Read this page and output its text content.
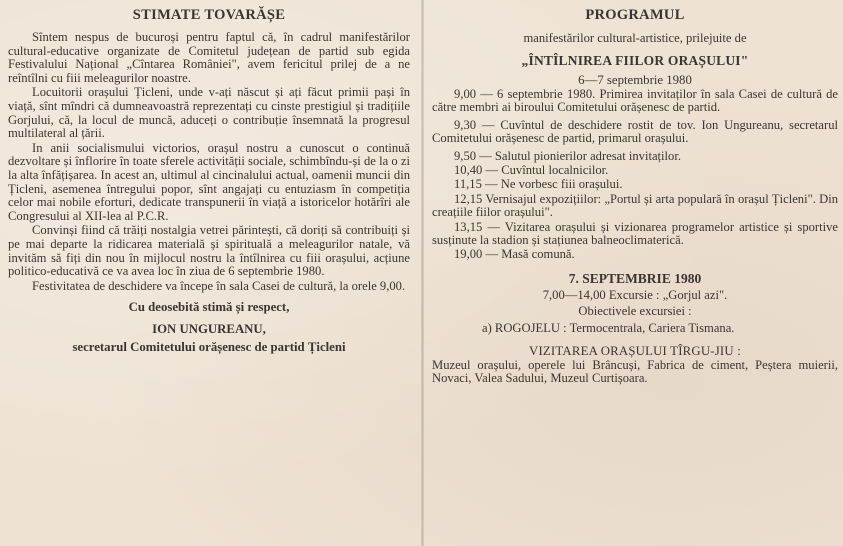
STIMATE TOVARĂȘE

Sîntem nespus de bucuroși pentru faptul că, în cadrul manifestărilor cultural-educative organizate de Comitetul județean de partid sub egida Festivalului Național „Cîntarea României", avem fericitul prilej de a ne reîntîlni cu fiii meleagurilor noastre.

Locuitorii orașului Țicleni, unde v-ați născut și ați făcut primii pași în viață, sînt mîndri că dumneavoastră reprezentați cu cinste prestigiul și tradițiile Gorjului, că, la locul de muncă, aduceți o contribuție însemnată la progresul multilateral al țării.

In anii socialismului victorios, orașul nostru a cunoscut o continuă dezvoltare și înflorire în toate sferele activității sociale, schimbîndu-și de la o zi la alta înfățișarea. In acest an, ultimul al cincinalului actual, oamenii muncii din Țicleni, asemenea întregului popor, sînt angajați cu entuziasm în competiția celor mai nobile eforturi, dedicate transpunerii în viață a istoricelor hotărîri ale Congresului al XII-lea al P.C.R.

Convinși fiind că trăiți nostalgia vetrei părintești, că doriți să contribuiți și pe mai departe la ridicarea materială și spirituală a meleagurilor natale, vă invităm să fiți din nou în mijlocul nostru la întîlnirea cu fiii orașului, acțiune politico-educativă ce va avea loc în ziua de 6 septembrie 1980.

Festivitatea de deschidere va începe în sala Casei de cultură, la orele 9,00.

Cu deosebită stimă și respect,
ION UNGUREANU,
secretarul Comitetului orășenesc de partid Țicleni
PROGRAMUL
manifestărilor cultural-artistice, prilejuite de
„ÎNTÎLNIREA FIILOR ORAȘULUI"
6—7 septembrie 1980

9,00 — 6 septembrie 1980. Primirea invitaților în sala Casei de cultură de către membri ai biroului Comitetului orășenesc de partid.

9,30 — Cuvîntul de deschidere rostit de tov. Ion Ungureanu, secretarul Comitetului orășenesc de partid, primarul orașului.

9,50 — Salutul pionierilor adresat invitaților.

10,40 — Cuvîntul localnicilor.

11,15 — Ne vorbesc fiii orașului.

12,15 Vernisajul expozițiilor: „Portul și arta populară în orașul Țicleni". Din creațiile fiilor orașului".

13,15 — Vizitarea orașului și vizionarea programelor artistice și sportive susținute la stadion și stațiunea balneoclimaterică.

19,00 — Masă comună.

7. SEPTEMBRIE 1980
7,00—14,00 Excursie : „Gorjul azi".
Obiectivele excursiei :

a) ROGOJELU : Termocentrala, Cariera Tismana.

VIZITAREA ORAȘULUI TÎRGU-JIU :

Muzeul orașului, operele lui Brâncuși, Fabrica de ciment, Peștera muierii, Novaci, Valea Sadului, Muzeul Curtișoara.
